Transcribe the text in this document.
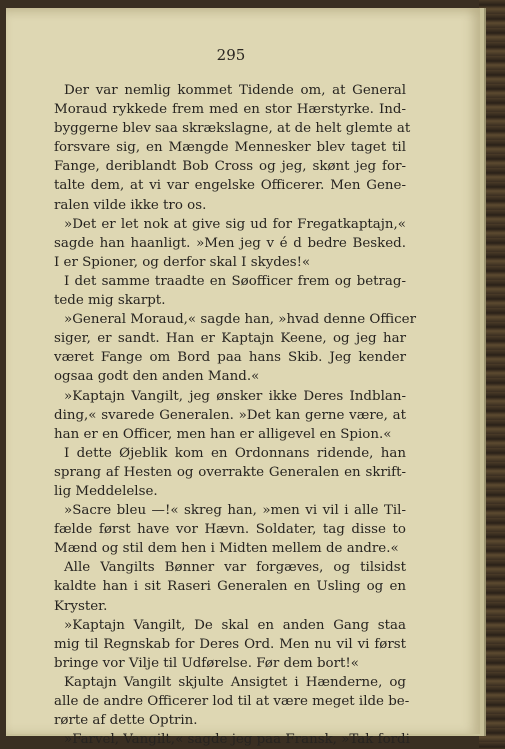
295
Der var nemlig kommet Tidende om, at General
Moraud rykkede frem med en stor Hærstyrke. Ind-
byggerne blev saa skrækslagne, at de helt glemte at
forsvare sig, en Mængde Mennesker blev taget til
Fange, deriblandt Bob Cross og jeg, skønt jeg for-
talte dem, at vi var engelske Officerer. Men Gene-
ralen vilde ikke tro os.
»Det er let nok at give sig ud for Fregatkaptajn,«
sagde han haanligt. »Men jeg v é d bedre Besked.
I er Spioner, og derfor skal I skydes!«
I det samme traadte en Søofficer frem og betrag-
tede mig skarpt.
»General Moraud,« sagde han, »hvad denne Officer
siger, er sandt. Han er Kaptajn Keene, og jeg har
været Fange om Bord paa hans Skib. Jeg kender
ogsaa godt den anden Mand.«
»Kaptajn Vangilt, jeg ønsker ikke Deres Indblan-
ding,« svarede Generalen. »Det kan gerne være, at
han er en Officer, men han er alligevel en Spion.«
I dette Øjeblik kom en Ordonnans ridende, han
sprang af Hesten og overrakte Generalen en skrift-
lig Meddelelse.
»Sacre bleu —!« skreg han, »men vi vil i alle Til-
fælde først have vor Hævn. Soldater, tag disse to
Mænd og stil dem hen i Midten mellem de andre.«
Alle Vangilts Bønner var forgæves, og tilsidst
kaldte han i sit Raseri Generalen en Usling og en
Kryster.
»Kaptajn Vangilt, De skal en anden Gang staa
mig til Regnskab for Deres Ord. Men nu vil vi først
bringe vor Vilje til Udførelse. Før dem bort!«
Kaptajn Vangilt skjulte Ansigtet i Hænderne, og
alle de andre Officerer lod til at være meget ilde be-
rørte af dette Optrin.
»Farvel, Vangilt,« sagde jeg paa Fransk, »Tak fordi
